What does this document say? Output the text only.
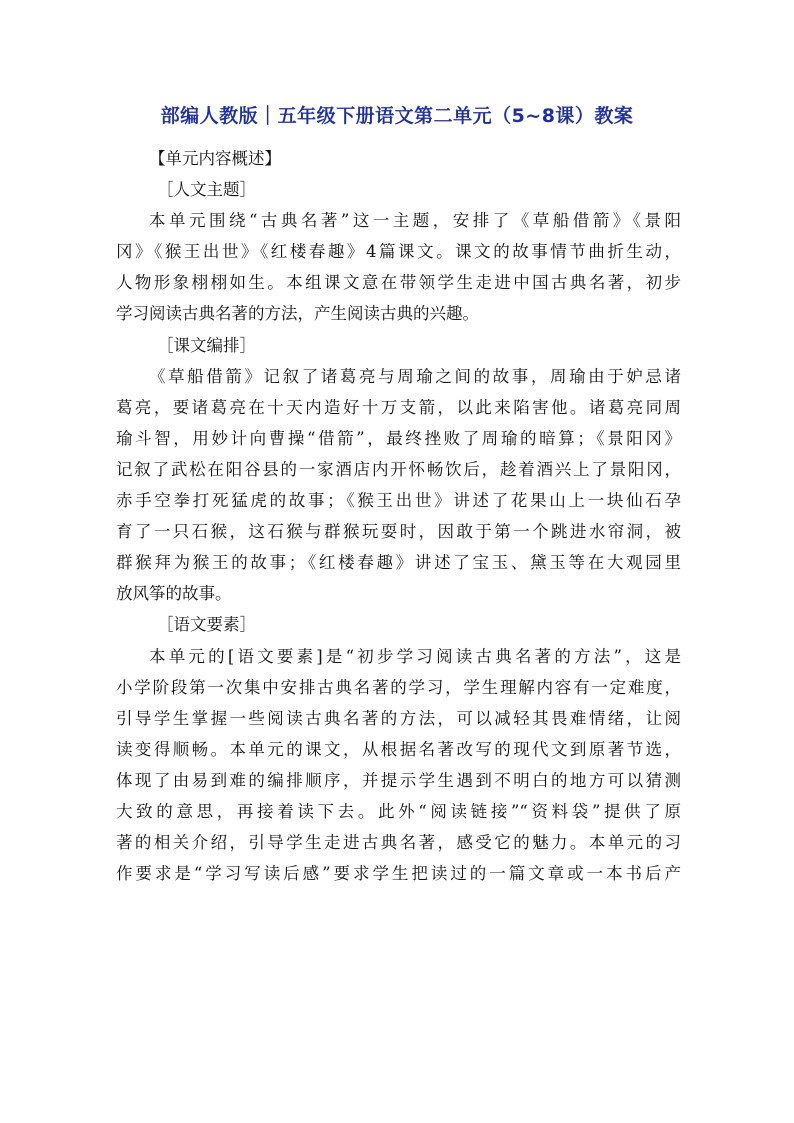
部编人教版｜五年级下册语文第二单元（5~8课）教案
【单元内容概述】
［人文主题］
本单元围绕“古典名著”这一主题，安排了《草船借箭》《景阳
冈》《猴王出世》《红楼春趣》4篇课文。课文的故事情节曲折生动，
人物形象栩栩如生。本组课文意在带领学生走进中国古典名著，初步
学习阅读古典名著的方法，产生阅读古典的兴趣。
［课文编排］
《草船借箭》记叙了诸葛亮与周瑜之间的故事，周瑜由于妒忌诸
葛亮，要诸葛亮在十天内造好十万支箭，以此来陷害他。诸葛亮同周
瑜斗智，用妙计向曹操“借箭”，最终挫败了周瑜的暗算；《景阳冈》
记叙了武松在阳谷县的一家酒店内开怀畅饮后，趁着酒兴上了景阳冈，
赤手空拳打死猛虎的故事；《猴王出世》讲述了花果山上一块仙石孕
育了一只石猴，这石猴与群猴玩耍时，因敢于第一个跳进水帘洞，被
群猴拜为猴王的故事；《红楼春趣》讲述了宝玉、黛玉等在大观园里
放风筝的故事。
［语文要素］
本单元的[语文要素]是“初步学习阅读古典名著的方法”，这是
小学阶段第一次集中安排古典名著的学习，学生理解内容有一定难度，
引导学生掌握一些阅读古典名著的方法，可以减轻其畏难情绪，让阅
读变得顺畅。本单元的课文，从根据名著改写的现代文到原著节选，
体现了由易到难的编排顺序，并提示学生遇到不明白的地方可以猜测
大致的意思，再接着读下去。此外“阅读链接”“资料袋”提供了原
著的相关介绍，引导学生走进古典名著，感受它的魅力。本单元的习
作要求是“学习写读后感”要求学生把读过的一篇文章或一本书后产
